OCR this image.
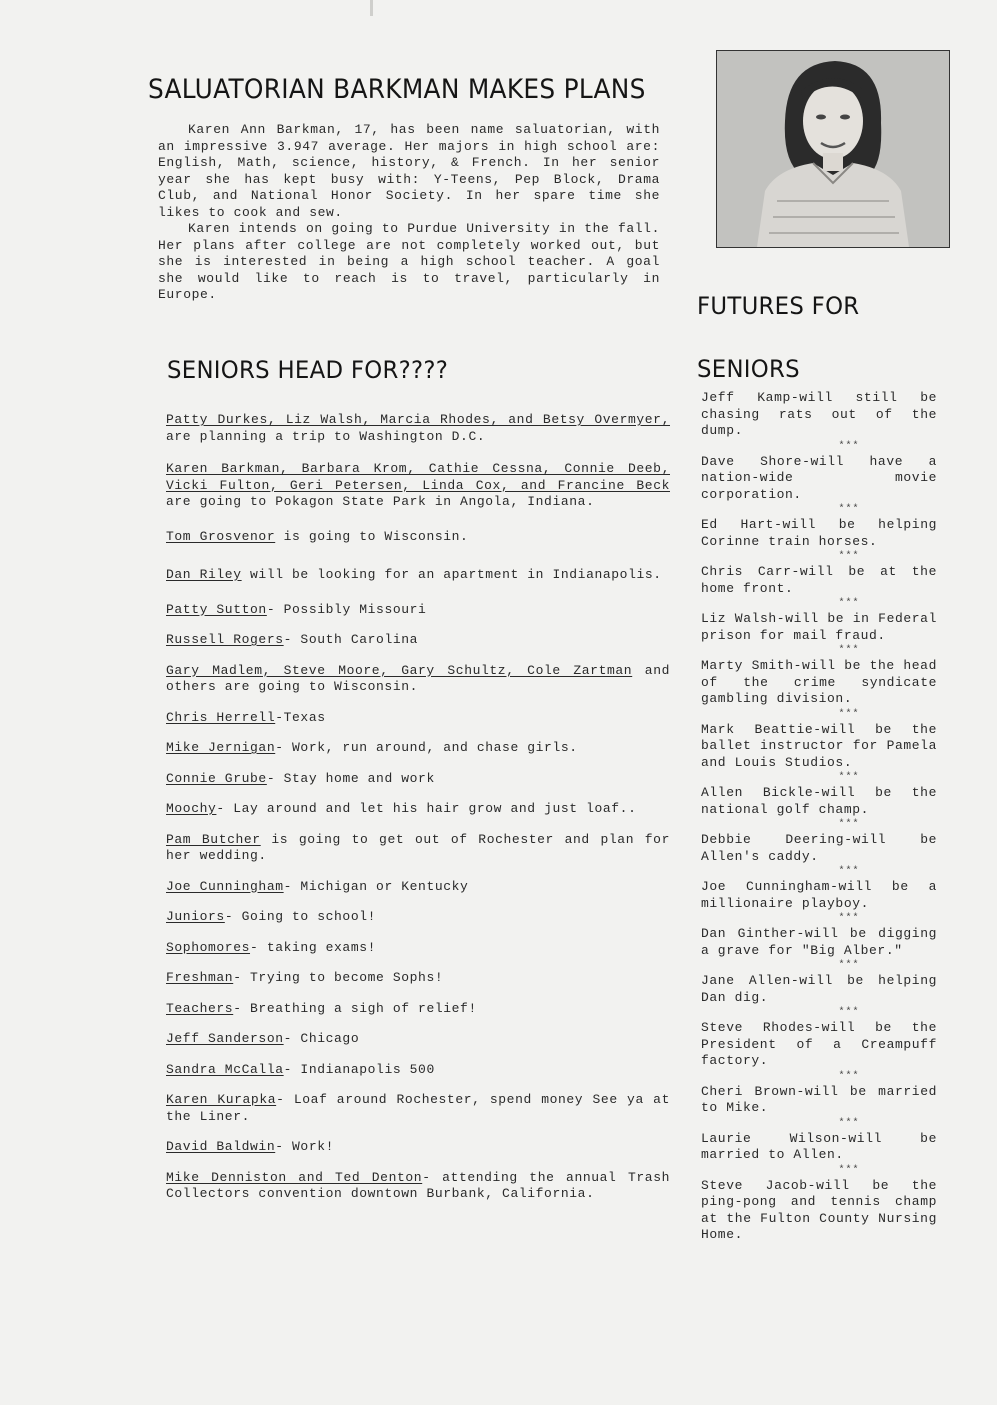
SALUATORIAN BARKMAN MAKES PLANS

Karen Ann Barkman, 17, has been name saluatorian, with an impressive 3.947 average. Her majors in high school are: English, Math, science, history, & French. In her senior year she has kept busy with: Y-Teens, Pep Block, Drama Club, and National Honor Society. In her spare time she likes to cook and sew.

Karen intends on going to Purdue University in the fall. Her plans after college are not completely worked out, but she is interested in being a high school teacher. A goal she would like to reach is to travel, particularly in Europe.

SENIORS HEAD FOR????

Patty Durkes, Liz Walsh, Marcia Rhodes, and Betsy Overmyer, are planning a trip to Washington D.C.

Karen Barkman, Barbara Krom, Cathie Cessna, Connie Deeb, Vicki Fulton, Geri Petersen, Linda Cox, and Francine Beck are going to Pokagon State Park in Angola, Indiana.

Tom Grosvenor is going to Wisconsin.

Dan Riley will be looking for an apartment in Indianapolis.

Patty Sutton- Possibly Missouri

Russell Rogers- South Carolina

Gary Madlem, Steve Moore, Gary Schultz, Cole Zartman and others are going to Wisconsin.

Chris Herrell-Texas

Mike Jernigan- Work, run around, and chase girls.

Connie Grube- Stay home and work

Moochy- Lay around and let his hair grow and just loaf..

Pam Butcher is going to get out of Rochester and plan for her wedding.

Joe Cunningham- Michigan or Kentucky

Juniors- Going to school!

Sophomores- taking exams!

Freshman- Trying to become Sophs!

Teachers- Breathing a sigh of relief!

Jeff Sanderson- Chicago

Sandra McCalla- Indianapolis 500

Karen Kurapka- Loaf around Rochester, spend money See ya at the Liner.

David Baldwin- Work!

Mike Denniston and Ted Denton- attending the annual Trash Collectors convention downtown Burbank, California.

FUTURES FOR
SENIORS

Jeff Kamp-will still be chasing rats out of the dump.

***

Dave Shore-will have a nation-wide movie corporation.

***

Ed Hart-will be helping Corinne train horses.

***

Chris Carr-will be at the home front.

***

Liz Walsh-will be in Federal prison for mail fraud.

***

Marty Smith-will be the head of the crime syndicate gambling division.

***

Mark Beattie-will be the ballet instructor for Pamela and Louis Studios.

***

Allen Bickle-will be the national golf champ.

***

Debbie Deering-will be Allen's caddy.

***

Joe Cunningham-will be a millionaire playboy.

***

Dan Ginther-will be digging a grave for "Big Alber."

***

Jane Allen-will be helping Dan dig.

***

Steve Rhodes-will be the President of a Creampuff factory.

***

Cheri Brown-will be married to Mike.

***

Laurie Wilson-will be married to Allen.

***

Steve Jacob-will be the ping-pong and tennis champ at the Fulton County Nursing Home.
